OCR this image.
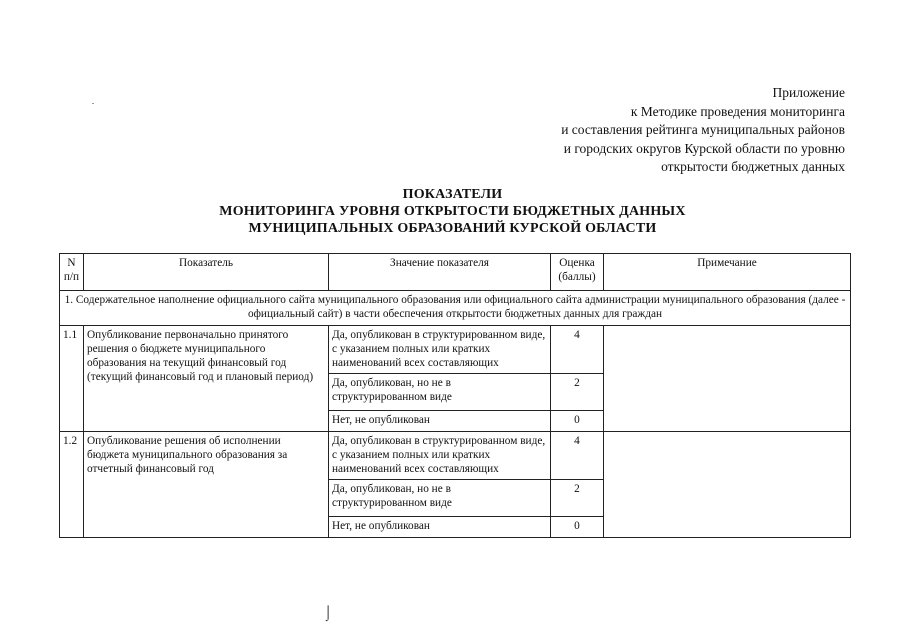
Приложение
к Методике проведения мониторинга
и составления рейтинга муниципальных районов
и городских округов Курской области по уровню
открытости бюджетных данных
ПОКАЗАТЕЛИ
МОНИТОРИНГА УРОВНЯ ОТКРЫТОСТИ БЮДЖЕТНЫХ ДАННЫХ
МУНИЦИПАЛЬНЫХ ОБРАЗОВАНИЙ КУРСКОЙ ОБЛАСТИ
N п/п	Показатель	Значение показателя	Оценка (баллы)	Примечание
1. Содержательное наполнение официального сайта муниципального образования или официального сайта администрации муниципального образования (далее - официальный сайт) в части обеспечения открытости бюджетных данных для граждан				
1.1	Опубликование первоначально принятого решения о бюджете муниципального образования на текущий финансовый год (текущий финансовый год и плановый период)	Да, опубликован в структурированном виде, с указанием полных или кратких наименований всех составляющих	4	
		Да, опубликован, но не в структурированном виде	2	
		Нет, не опубликован	0	
1.2	Опубликование решения об исполнении бюджета муниципального образования за отчетный финансовый год	Да, опубликован в структурированном виде, с указанием полных или кратких наименований всех составляющих	4	
		Да, опубликован, но не в структурированном виде	2	
		Нет, не опубликован	0	
⌡
